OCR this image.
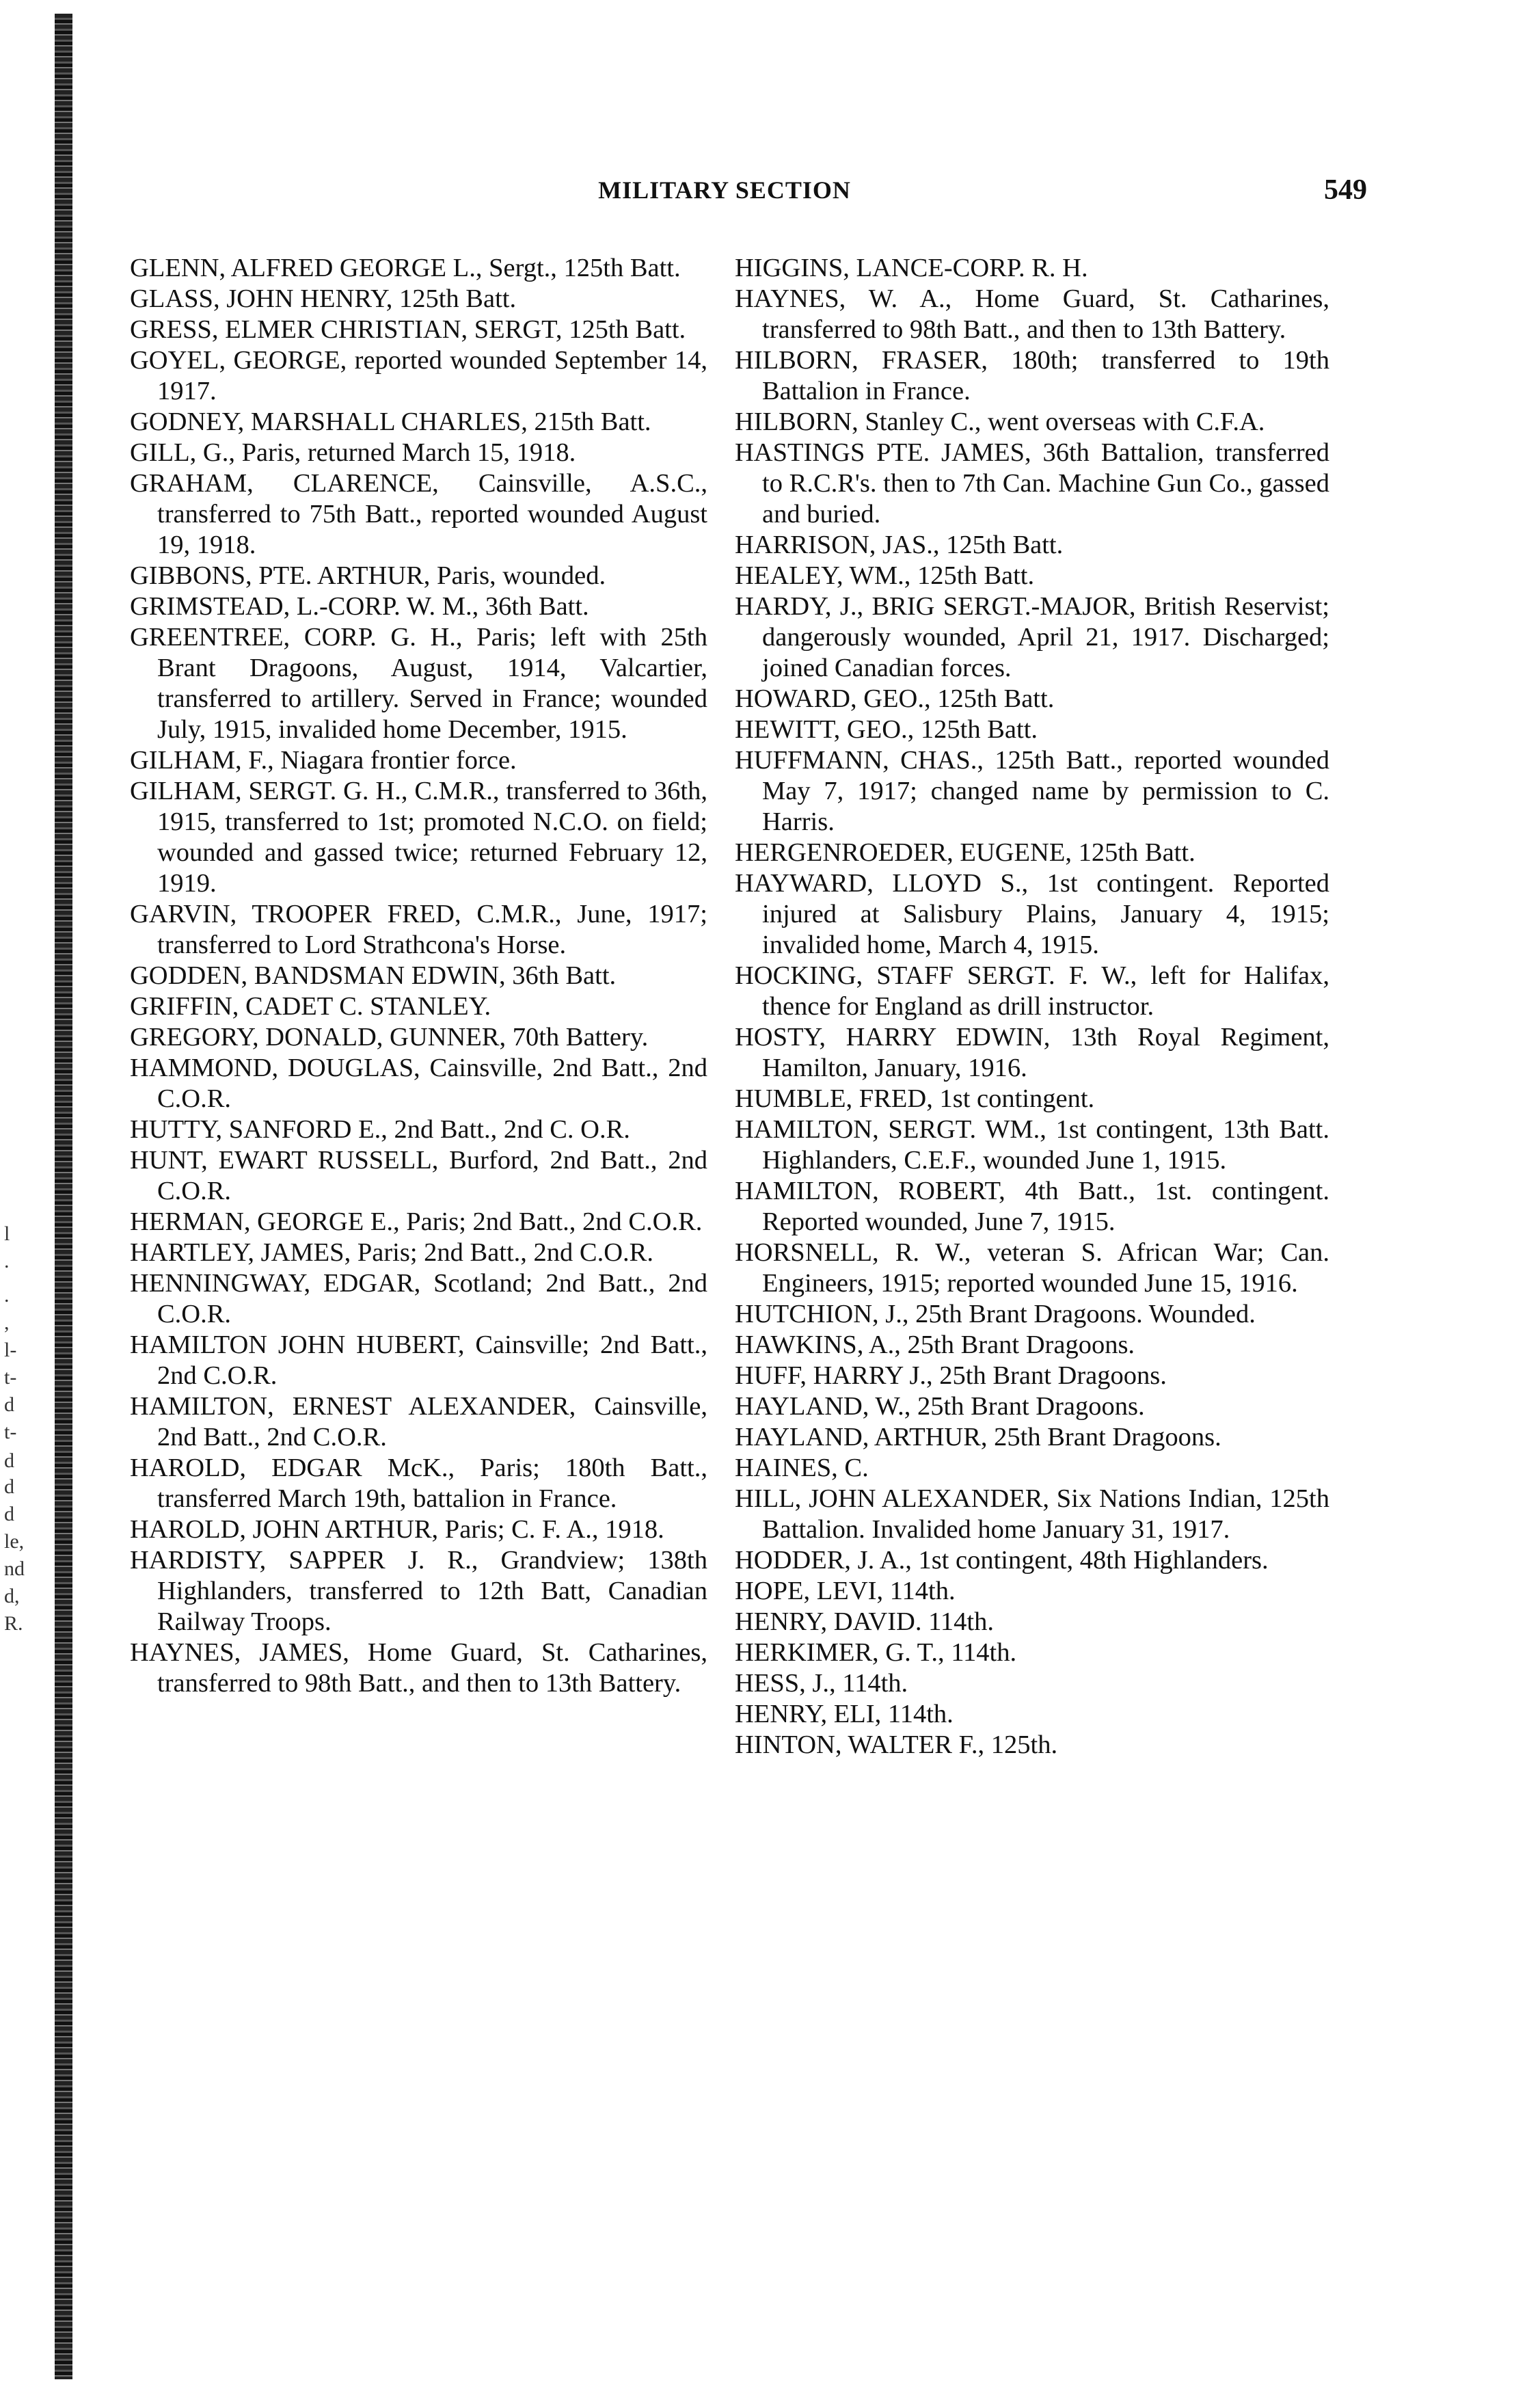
l
.
.
,
l-
t-
d
t-
d
d
d
le,
nd
d,
R.
MILITARY SECTION	549

GLENN, ALFRED GEORGE L., Sergt., 125th Batt.

GLASS, JOHN HENRY, 125th Batt.

GRESS, ELMER CHRISTIAN, SERGT, 125th Batt.

GOYEL, GEORGE, reported wounded September 14, 1917.

GODNEY, MARSHALL CHARLES, 215th Batt.

GILL, G., Paris, returned March 15, 1918.

GRAHAM, CLARENCE, Cainsville, A.S.C., transferred to 75th Batt., reported wounded August 19, 1918.

GIBBONS, PTE. ARTHUR, Paris, wounded.

GRIMSTEAD, L.-CORP. W. M., 36th Batt.

GREENTREE, CORP. G. H., Paris; left with 25th Brant Dragoons, August, 1914, Valcartier, transferred to artillery. Served in France; wounded July, 1915, invalided home December, 1915.

GILHAM, F., Niagara frontier force.

GILHAM, SERGT. G. H., C.M.R., transferred to 36th, 1915, transferred to 1st; promoted N.C.O. on field; wounded and gassed twice; returned February 12, 1919.

GARVIN, TROOPER FRED, C.M.R., June, 1917; transferred to Lord Strathcona's Horse.

GODDEN, BANDSMAN EDWIN, 36th Batt.

GRIFFIN, CADET C. STANLEY.

GREGORY, DONALD, GUNNER, 70th Battery.

HAMMOND, DOUGLAS, Cainsville, 2nd Batt., 2nd C.O.R.

HUTTY, SANFORD E., 2nd Batt., 2nd C. O.R.

HUNT, EWART RUSSELL, Burford, 2nd Batt., 2nd C.O.R.

HERMAN, GEORGE E., Paris; 2nd Batt., 2nd C.O.R.

HARTLEY, JAMES, Paris; 2nd Batt., 2nd C.O.R.

HENNINGWAY, EDGAR, Scotland; 2nd Batt., 2nd C.O.R.

HAMILTON JOHN HUBERT, Cainsville; 2nd Batt., 2nd C.O.R.

HAMILTON, ERNEST ALEXANDER, Cainsville, 2nd Batt., 2nd C.O.R.

HAROLD, EDGAR McK., Paris; 180th Batt., transferred March 19th, battalion in France.

HAROLD, JOHN ARTHUR, Paris; C. F. A., 1918.

HARDISTY, SAPPER J. R., Grandview; 138th Highlanders, transferred to 12th Batt, Canadian Railway Troops.

HAYNES, JAMES, Home Guard, St. Catharines, transferred to 98th Batt., and then to 13th Battery.

HIGGINS, LANCE-CORP. R. H.

HAYNES, W. A., Home Guard, St. Catharines, transferred to 98th Batt., and then to 13th Battery.

HILBORN, FRASER, 180th; transferred to 19th Battalion in France.

HILBORN, Stanley C., went overseas with C.F.A.

HASTINGS PTE. JAMES, 36th Battalion, transferred to R.C.R's. then to 7th Can. Machine Gun Co., gassed and buried.

HARRISON, JAS., 125th Batt.

HEALEY, WM., 125th Batt.

HARDY, J., BRIG SERGT.-MAJOR, British Reservist; dangerously wounded, April 21, 1917. Discharged; joined Canadian forces.

HOWARD, GEO., 125th Batt.

HEWITT, GEO., 125th Batt.

HUFFMANN, CHAS., 125th Batt., reported wounded May 7, 1917; changed name by permission to C. Harris.

HERGENROEDER, EUGENE, 125th Batt.

HAYWARD, LLOYD S., 1st contingent. Reported injured at Salisbury Plains, January 4, 1915; invalided home, March 4, 1915.

HOCKING, STAFF SERGT. F. W., left for Halifax, thence for England as drill instructor.

HOSTY, HARRY EDWIN, 13th Royal Regiment, Hamilton, January, 1916.

HUMBLE, FRED, 1st contingent.

HAMILTON, SERGT. WM., 1st contingent, 13th Batt. Highlanders, C.E.F., wounded June 1, 1915.

HAMILTON, ROBERT, 4th Batt., 1st. contingent. Reported wounded, June 7, 1915.

HORSNELL, R. W., veteran S. African War; Can. Engineers, 1915; reported wounded June 15, 1916.

HUTCHION, J., 25th Brant Dragoons. Wounded.

HAWKINS, A., 25th Brant Dragoons.

HUFF, HARRY J., 25th Brant Dragoons.

HAYLAND, W., 25th Brant Dragoons.

HAYLAND, ARTHUR, 25th Brant Dragoons.

HAINES, C.

HILL, JOHN ALEXANDER, Six Nations Indian, 125th Battalion. Invalided home January 31, 1917.

HODDER, J. A., 1st contingent, 48th Highlanders.

HOPE, LEVI, 114th.

HENRY, DAVID. 114th.

HERKIMER, G. T., 114th.

HESS, J., 114th.

HENRY, ELI, 114th.

HINTON, WALTER F., 125th.
